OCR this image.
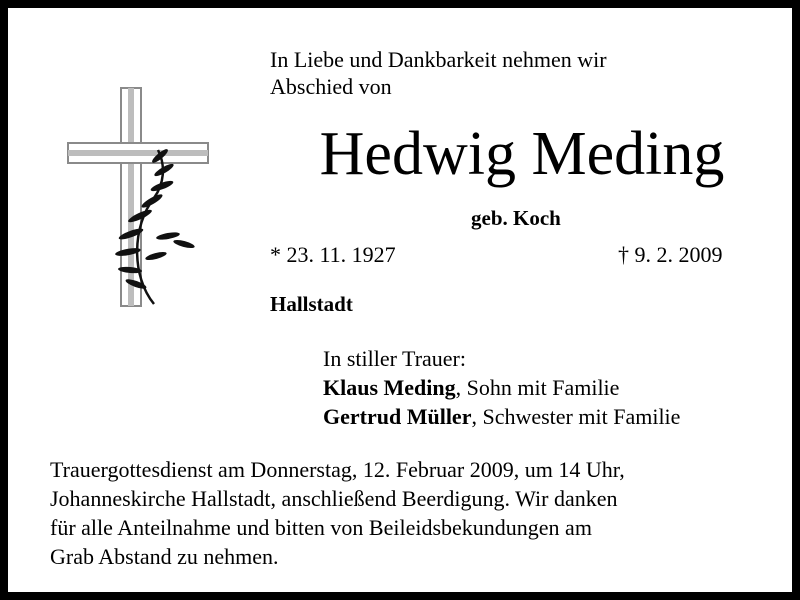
In Liebe und Dankbarkeit nehmen wir
Abschied von
Hedwig Meding
geb. Koch
* 23. 11. 1927	† 9. 2. 2009
Hallstadt
In stiller Trauer:
Klaus Meding, Sohn mit Familie
Gertrud Müller, Schwester mit Familie
Trauergottesdienst am Donnerstag, 12. Februar 2009, um 14 Uhr,
Johanneskirche Hallstadt, anschließend Beerdigung. Wir danken
für alle Anteilnahme und bitten von Beileidsbekundungen am
Grab Abstand zu nehmen.
